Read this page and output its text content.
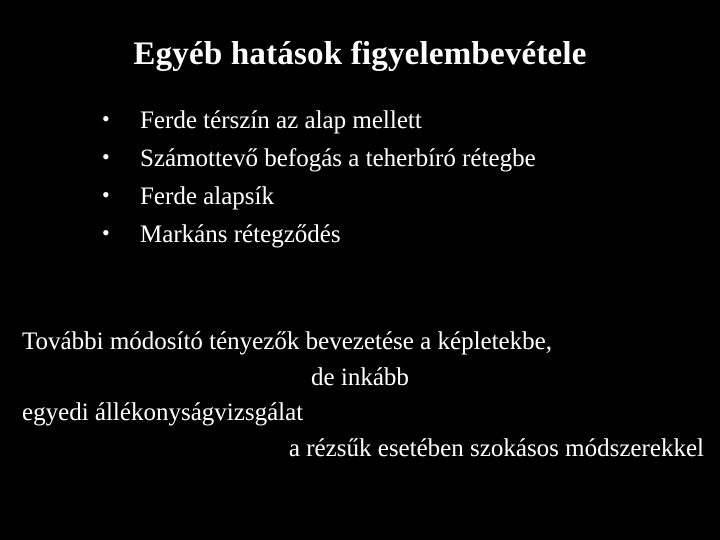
Egyéb hatások figyelembevétele
• Ferde térszín az alap mellett
• Számottevő befogás a teherbíró rétegbe
• Ferde alapsík
• Markáns rétegződés
További módosító tényezők bevezetése a képletekbe,
de inkább
egyedi állékonyságvizsgálat
a rézsűk esetében szokásos módszerekkel
